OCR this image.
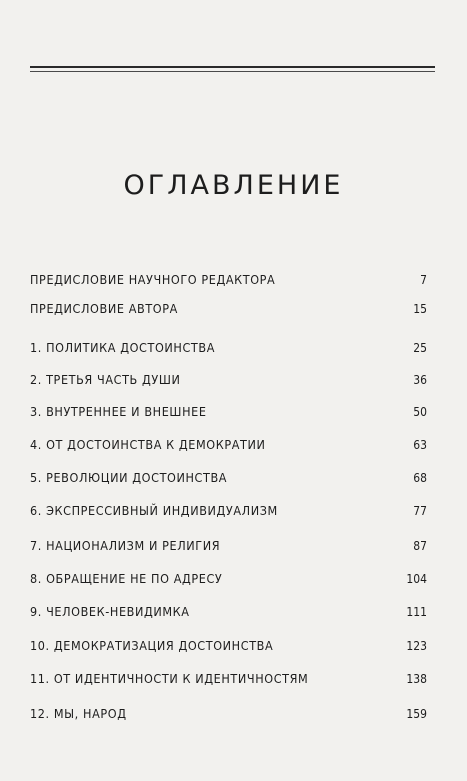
ОГЛАВЛЕНИЕ
ПРЕДИСЛОВИЕ НАУЧНОГО РЕДАКТОРА	7
ПРЕДИСЛОВИЕ АВТОРА	15
1. ПОЛИТИКА ДОСТОИНСТВА	25
2. ТРЕТЬЯ ЧАСТЬ ДУШИ	36
3. ВНУТРЕННЕЕ И ВНЕШНЕЕ	50
4. ОТ ДОСТОИНСТВА К ДЕМОКРАТИИ	63
5. РЕВОЛЮЦИИ ДОСТОИНСТВА	68
6. ЭКСПРЕССИВНЫЙ ИНДИВИДУАЛИЗМ	77
7. НАЦИОНАЛИЗМ И РЕЛИГИЯ	87
8. ОБРАЩЕНИЕ НЕ ПО АДРЕСУ	104
9. ЧЕЛОВЕК-НЕВИДИМКА	111
10. ДЕМОКРАТИЗАЦИЯ ДОСТОИНСТВА	123
11. ОТ ИДЕНТИЧНОСТИ К ИДЕНТИЧНОСТЯМ	138
12. МЫ, НАРОД	159
